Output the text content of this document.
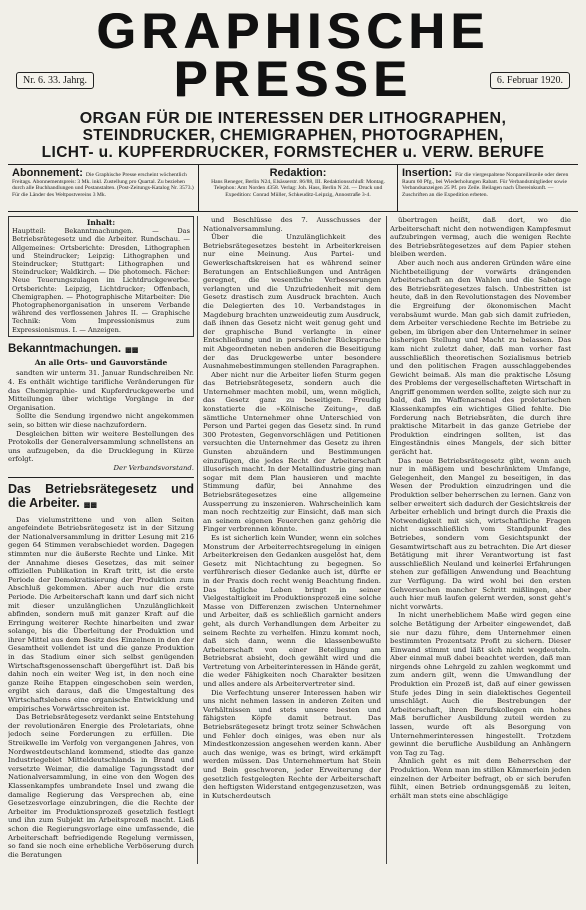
GRAPHISCHE
Nr. 6. 33. Jahrg.	PRESSE	6. Februar 1920.
ORGAN FÜR DIE INTERESSEN DER LITHOGRAPHEN,
STEINDRUCKER, CHEMIGRAPHEN, PHOTOGRAPHEN,
LICHT- u. KUPFERDRUCKER, FORMSTECHER u. VERW. BERUFE
Abonnement: Die Graphische Presse erscheint wöchentlich Freitags. Abonnementspreis: 3 Mk. inkl. Zustellung pro Quartal. Zu beziehen durch alle Buchhandlungen und Postanstalten. (Post-Zeitungs-Katalog Nr. 3573.) Für die Länder des Weltpostvereins 3 Mk.
Redaktion:
Hans Reneger, Berlin N24, Elsässerstr. 86/88, III. Redaktionsschluß: Montag. Telephon: Amt Norden 4358. Verlag: Joh. Hass, Berlin N 24. — Druck und Expedition: Conrad Müller, Schkeuditz-Leipzig, Annostraße 3-4.
Insertion: Für die viergespaltene Nonpareillezeile oder deren Raum 60 Pfg., bei Wiederholungen Rabatt. Für Verbandsmitglieder sowie Verbandsanzeigen 25 Pf. pro Zeile. Beilagen nach Übereinkunft. — Zuschriften an die Expedition erbeten.
Inhalt:
Hauptteil: Bekanntmachungen. — Das Betriebsrätegesetz und die Arbeiter. Rundschau. — Allgemeines: Ortsberichte: Dresden, Lithographen und Steindrucker; Leipzig: Lithographen und Steindrucker; Stuttgart: Lithographen und Steindrucker; Waldkirch. — Die photomech. Fächer: Neue Teuerungszulagen im Lichtdruckgewerbe. Ortsberichte: Leipzig, Lichtdrucker; Offenbach, Chemigraphen. — Photographische Mitarbeiter: Die Photographenorganisation in unserem Verbande während des verflossenen Jahres II. — Graphische Technik: Vom Impressionismus zum Expressionismus. I. — Anzeigen.
Bekanntmachungen. ▩▩
An alle Orts- und Gauvorstände

sandten wir unterm 31. Januar Rundschreiben Nr. 4. Es enthält wichtige tarifliche Veränderungen für das Chemigraphie- und Kupferdruckgewerbe und Mitteilungen über wichtige Vorgänge in der Organisation.

Sollte die Sendung irgendwo nicht angekommen sein, so bitten wir diese nachzufordern.

Desgleichen bitten wir weitere Bestellungen des Protokolls der Generalversammlung schnellstens an uns aufzugeben, da die Drucklegung in Kürze erfolgt.

Der Verbandsvorstand.
Das Betriebsrätegesetz und die Arbeiter. ▩▩

Das vielumstrittene und von allen Seiten angefeindete Betriebsrätegesetz ist in der Sitzung der Nationalversammlung in dritter Lesung mit 216 gegen 64 Stimmen verabschiedet worden. Dagegen stimmten nur die äußerste Rechte und Linke. Mit der Annahme dieses Gesetzes, das mit seiner offiziellen Publikation in Kraft tritt, ist die erste Periode der Demokratisierung der Produktion zum Abschluß gekommen. Aber auch nur die erste Periode. Die Arbeiterschaft kann und darf sich nicht mit dieser unzulänglichen Unzulänglichkeit abfinden, sondern muß mit ganzer Kraft auf die Erringung weiterer Rechte hinarbeiten und zwar solange, bis die Überleitung der Produktion und ihrer Mittel aus dem Besitz des Einzelnen in den der Gesamtheit vollendet ist und die ganze Produktion in das Stadium einer sich selbst genügenden Wirtschaftsgenossenschaft übergeführt ist. Daß bis dahin noch ein weiter Weg ist, in den noch eine ganze Reihe Etappen eingeschoben sein werden, ergibt sich daraus, daß die Umgestaltung des Wirtschaftslebens eine organische Entwicklung und empirisches Vorwärtsschreiten ist.

Das Betriebsrätegesetz verdankt seine Entstehung der revolutionären Energie des Proletariats, ohne jedoch seine Forderungen zu erfüllen. Die Streikwelle im Verfolg von vergangenen Jahres, von Nordwestdeutschland kommend, stiedte das ganze Industriegebiet Mitteldeutschlands in Brand und versetzte Weimar, die damalige Tagungsstadt der Nationalversammlung, in eine von den Wogen des Klassenkampfes umbrandete Insel und zwang die damalige Regierung das Versprechen ab, eine Gesetzesvorlage einzubringen, die die Rechte der Arbeiter im Produktionsprozeß gesetzlich festlegt und ihn zum Subjekt im Arbeitsprozeß macht. Ließ schon die Regierungsvorlage eine umfassende, die Arbeiterschaft befriedigende Regelung vermissen, so fand sie noch eine erhebliche Verböserung durch die Beratungen

und Beschlüsse des 7. Ausschusses der Nationalversammlung.

Über die Unzulänglichkeit des Betriebsrätegesetzes besteht in Arbeiterkreisen nur eine Meinung. Aus Partei- und Gewerkschaftskreisen hat es während seiner Beratungen an Entschließungen und Anträgen geregnet, die wesentliche Verbesserungen verlangten und die Unzufriedenheit mit dem Gesetz drastisch zum Ausdruck brachten. Auch die Delegierten des 10. Verbandstages in Magdeburg brachten unzweideutig zum Ausdruck, daß ihnen das Gesetz nicht weit genug geht und der graphische Bund verlangte in einer Entschließung und in persönlicher Rücksprache mit Abgeordneten neben anderen die Beseitigung der das Druckgewerbe unter besondere Ausnahmebestimmungen stellenden Paragraphen.

Aber nicht nur die Arbeiter liefen Sturm gegen das Betriebsrätegesetz, sondern auch die Unternehmer machten mobil, um, wenn möglich, das Gesetz ganz zu beseitigen. Freudig konstatierte die »Kölnische Zeitung«, daß sämtliche Unternehmer ohne Unterschied von Person und Partei gegen das Gesetz sind. In rund 300 Protesten, Gegenvorschlägen und Petitionen versuchten die Unternehmer das Gesetz zu ihren Gunsten abzuändern und Bestimmungen einzufügen, die jedes Recht der Arbeiterschaft illusorisch macht. In der Metallindustrie ging man sogar mit dem Plan hausieren und machte Stimmung dafür, bei Annahme des Betriebsrätegesetzes eine allgemeine Aussperrung zu inszenieren. Wahrscheinlich kam man noch rechtzeitig zur Einsicht, daß man sich an seinem eigenen Feuerchen ganz gehörig die Finger verbrennen könnte.

Es ist sicherlich kein Wunder, wenn ein solches Monstrum der Arbeiterrechtsregelung in einigen Arbeiterkreisen den Gedanken ausgelöst hat, dem Gesetz mit Nichtachtung zu begegnen. So verführerisch dieser Gedanke auch ist, dürfte er in der Praxis doch recht wenig Beachtung finden. Das tägliche Leben bringt in seiner Vielgestaltigkeit im Produktionsprozeß eine solche Masse von Differenzen zwischen Unternehmer und Arbeiter, daß es schließlich garnicht anders geht, als durch Verhandlungen dem Arbeiter zu seinem Rechte zu verhelfen. Hinzu kommt noch, daß sich dann, wenn die klassenbewußte Arbeiterschaft von einer Beteiligung am Betriebsrat absieht, doch gewählt wird und die Vertretung von Arbeiterinteressen in Hände gerät, die weder Fähigkeiten noch Charakter besitzen und alles andere als Arbeitervertreter sind.

Die Verfechtung unserer Interessen haben wir uns nicht nehmen lassen in anderen Zeiten und Verhältnissen und stets unsere besten und fähigsten Köpfe damit betraut. Das Betriebsrätegesetz bringt trotz seiner Schwächen und Fehler doch einiges, was eben nur als Mindestkonzession angesehen werden kann. Aber auch das wenige, was es bringt, wird erkämpft werden müssen. Das Unternehmertum hat Stein und Bein geschworen, jeder Erweiterung der gesetzlich festgelegten Rechte der Arbeiterschaft den heftigsten Widerstand entgegenzusetzen, was in Kutscherdeutsch

übertragen heißt, daß dort, wo die Arbeiterschaft nicht den notwendigen Kampfesmut aufzubringen vermag, auch die wenigen Rechte des Betriebsrätegesetzes auf dem Papier stehen bleiben werden.

Aber auch noch aus anderen Gründen wäre eine Nichtbeteiligung der vorwärts drängenden Arbeiterschaft an den Wahlen und die Sabotage des Betriebsrätegesetzes falsch. Unbestritten ist heute, daß in den Revolutionstagen des November die Ergreifung der ökonomischen Macht verabsäumt wurde. Man gab sich damit zufrieden, dem Arbeiter verschiedene Rechte im Betriebe zu geben, im übrigen aber den Unternehmer in seiner bisherigen Stellung und Macht zu belassen. Das kam nicht zuletzt daher, daß man vorher fast ausschließlich theoretischen Sozialismus betrieb und den politischen Fragen ausschlaggebendes Gewicht beimaß. Als man die praktische Lösung des Problems der vergesellschafteten Wirtschaft in Angriff genommen werden sollte, zeigte sich nur zu bald, daß im Waffenarsenal des proletarischen Klassenkampfes ein wichtiges Glied fehlte. Die Forderung nach Betriebsräten, die durch ihre praktische Mitarbeit in das ganze Getriebe der Produktion eindringen sollten, ist das Eingeständnis eines Mangels, der sich bitter gerächt hat.

Das neue Betriebsrätegesetz gibt, wenn auch nur in mäßigem und beschränktem Umfange, Gelegenheit, den Mangel zu beseitigen, in das Wesen der Produktion einzudringen und die Produktion selber beherrschen zu lernen. Ganz von selber erweitert sich dadurch der Gesichtskreis der Arbeiter erheblich und bringt durch die Praxis die Notwendigkeit mit sich, wirtschaftliche Fragen nicht ausschließlich vom Standpunkt des Betriebes, sondern vom Gesichtspunkt der Gesamtwirtschaft aus zu betrachten. Die Art dieser Betätigung mit ihrer Verantwortung ist fast ausschließlich Neuland und keinerlei Erfahrungen stehen zur gefälligen Anwendung und Beachtung zur Verfügung. Da wird wohl bei den ersten Gehversuchen mancher Schritt mißlingen, aber auch hier muß laufen gelernt werden, sonst geht's nicht vorwärts.

In nicht unerheblichem Maße wird gegen eine solche Betätigung der Arbeiter eingewendet, daß sie nur dazu führe, dem Unternehmer einen bestimmten Prozentsatz Profit zu sichern. Dieser Einwand stimmt und läßt sich nicht wegdeuteln. Aber einmal muß dabei beachtet werden, daß man nirgends ohne Lehrgeld zu zahlen wegkommt und zum andern gilt, wenn die Umwandlung der Produktion ein Prozeß ist, daß auf einer gewissen Stufe jedes Ding in sein dialektisches Gegenteil umschlägt. Auch die Bestrebungen der Arbeiterschaft, ihren Berufskollegen ein hohes Maß beruflicher Ausbildung zuteil werden zu lassen, wurde oft als Besorgung von Unternehmerinteressen hingestellt. Trotzdem gewinnt die berufliche Ausbildung an Anhängern von Tag zu Tag.

Ähnlich geht es mit dem Beherrschen der Produktion. Wenn man im stillen Kämmerlein jeden einzelnen der Arbeiter befragt, ob er sich berufen fühlt, einen Betrieb ordnungsgemäß zu leiten, erhält man stets eine abschlägige
